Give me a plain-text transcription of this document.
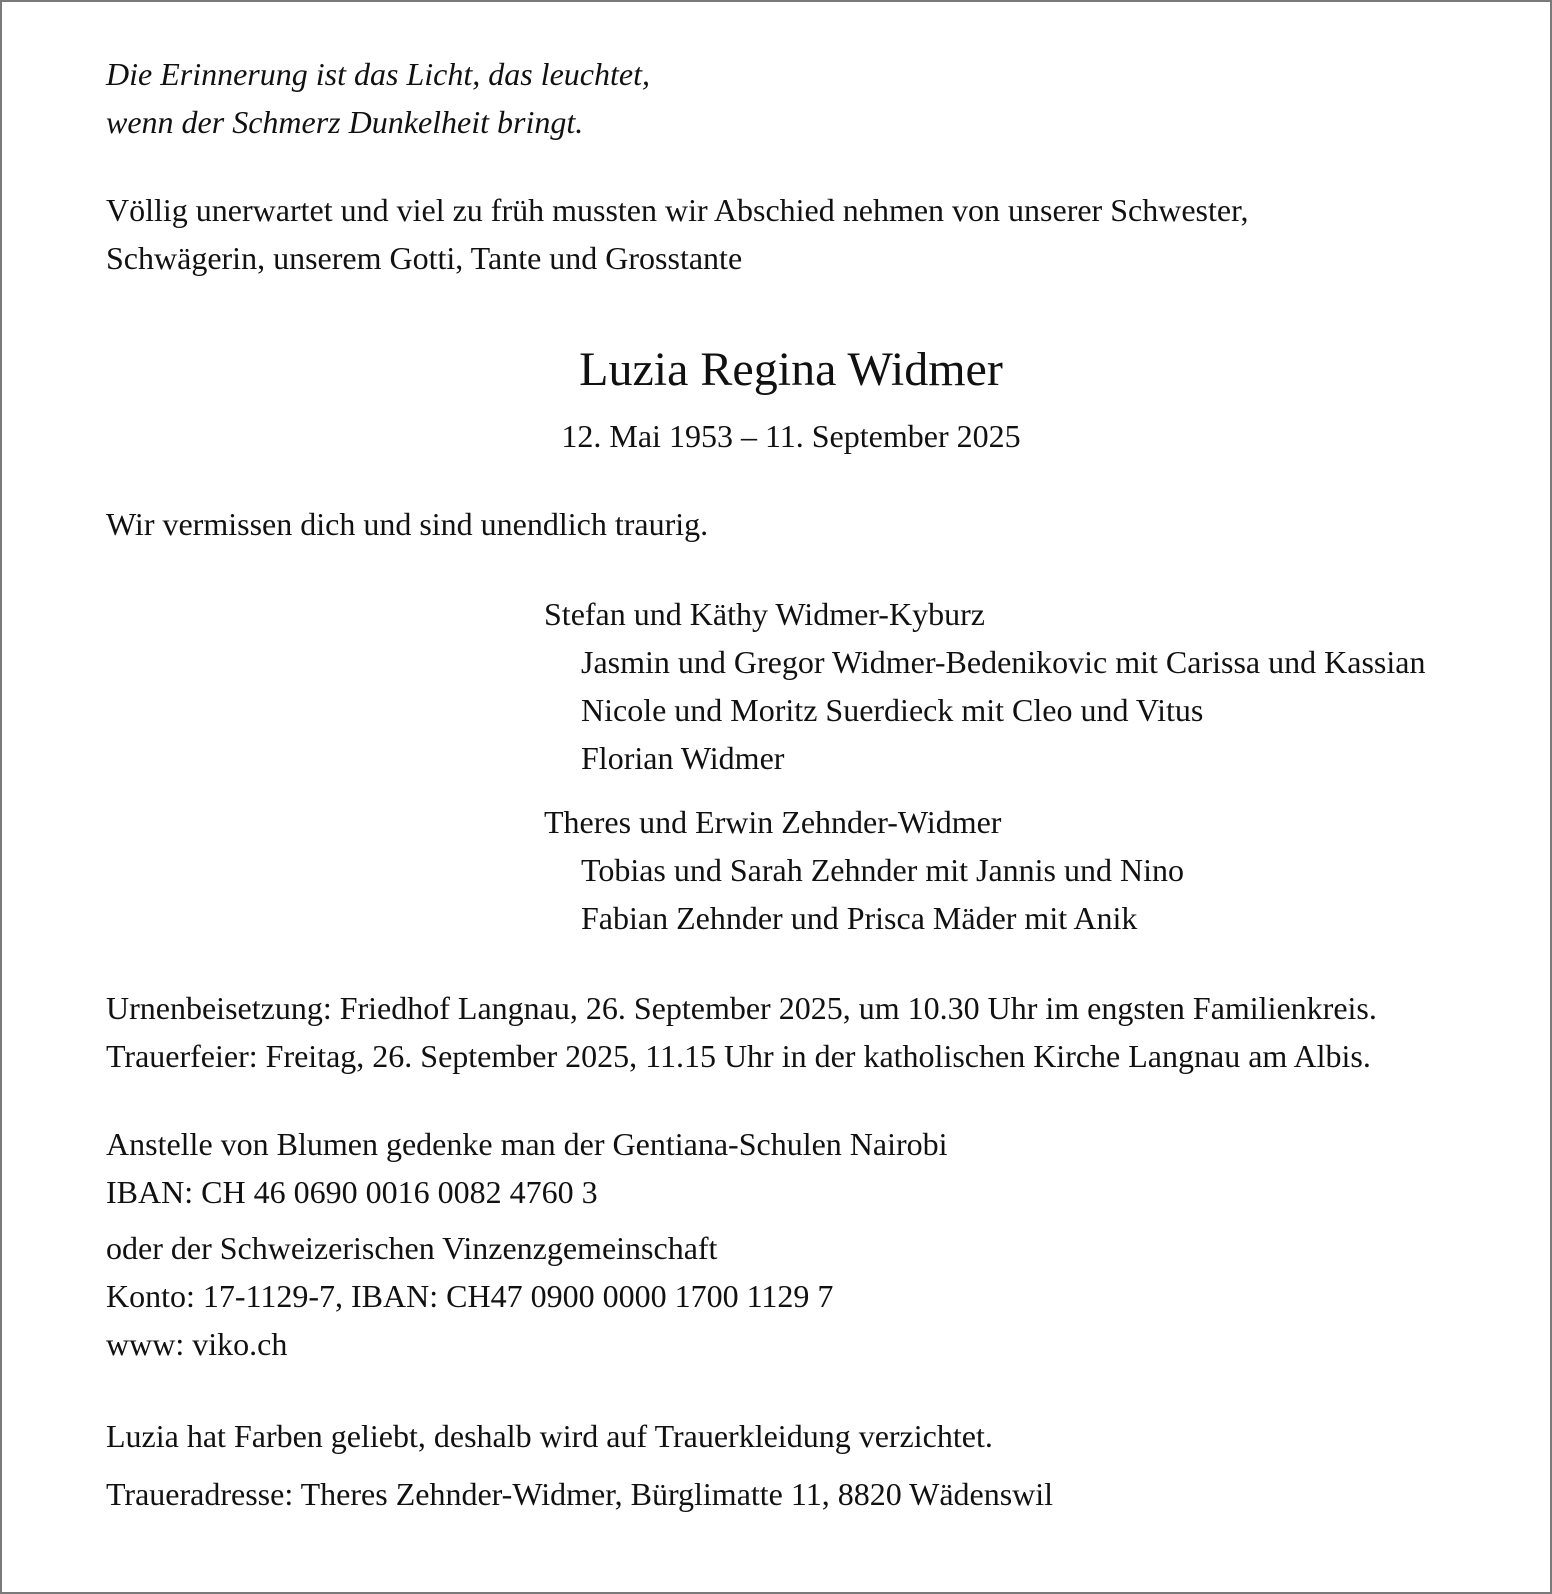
Die Erinnerung ist das Licht, das leuchtet,
wenn der Schmerz Dunkelheit bringt.
Völlig unerwartet und viel zu früh mussten wir Abschied nehmen von unserer Schwester,
Schwägerin, unserem Gotti, Tante und Grosstante
Luzia Regina Widmer
12. Mai 1953 – 11. September 2025
Wir vermissen dich und sind unendlich traurig.
Stefan und Käthy Widmer-Kyburz
Jasmin und Gregor Widmer-Bedenikovic mit Carissa und Kassian
Nicole und Moritz Suerdieck mit Cleo und Vitus
Florian Widmer
Theres und Erwin Zehnder-Widmer
Tobias und Sarah Zehnder mit Jannis und Nino
Fabian Zehnder und Prisca Mäder mit Anik
Urnenbeisetzung: Friedhof Langnau, 26. September 2025, um 10.30 Uhr im engsten Familienkreis.
Trauerfeier: Freitag, 26. September 2025, 11.15 Uhr in der katholischen Kirche Langnau am Albis.
Anstelle von Blumen gedenke man der Gentiana-Schulen Nairobi
IBAN: CH 46 0690 0016 0082 4760 3
oder der Schweizerischen Vinzenzgemeinschaft
Konto: 17-1129-7, IBAN: CH47 0900 0000 1700 1129 7
www: viko.ch
Luzia hat Farben geliebt, deshalb wird auf Trauerkleidung verzichtet.
Traueradresse: Theres Zehnder-Widmer, Bürglimatte 11, 8820 Wädenswil
